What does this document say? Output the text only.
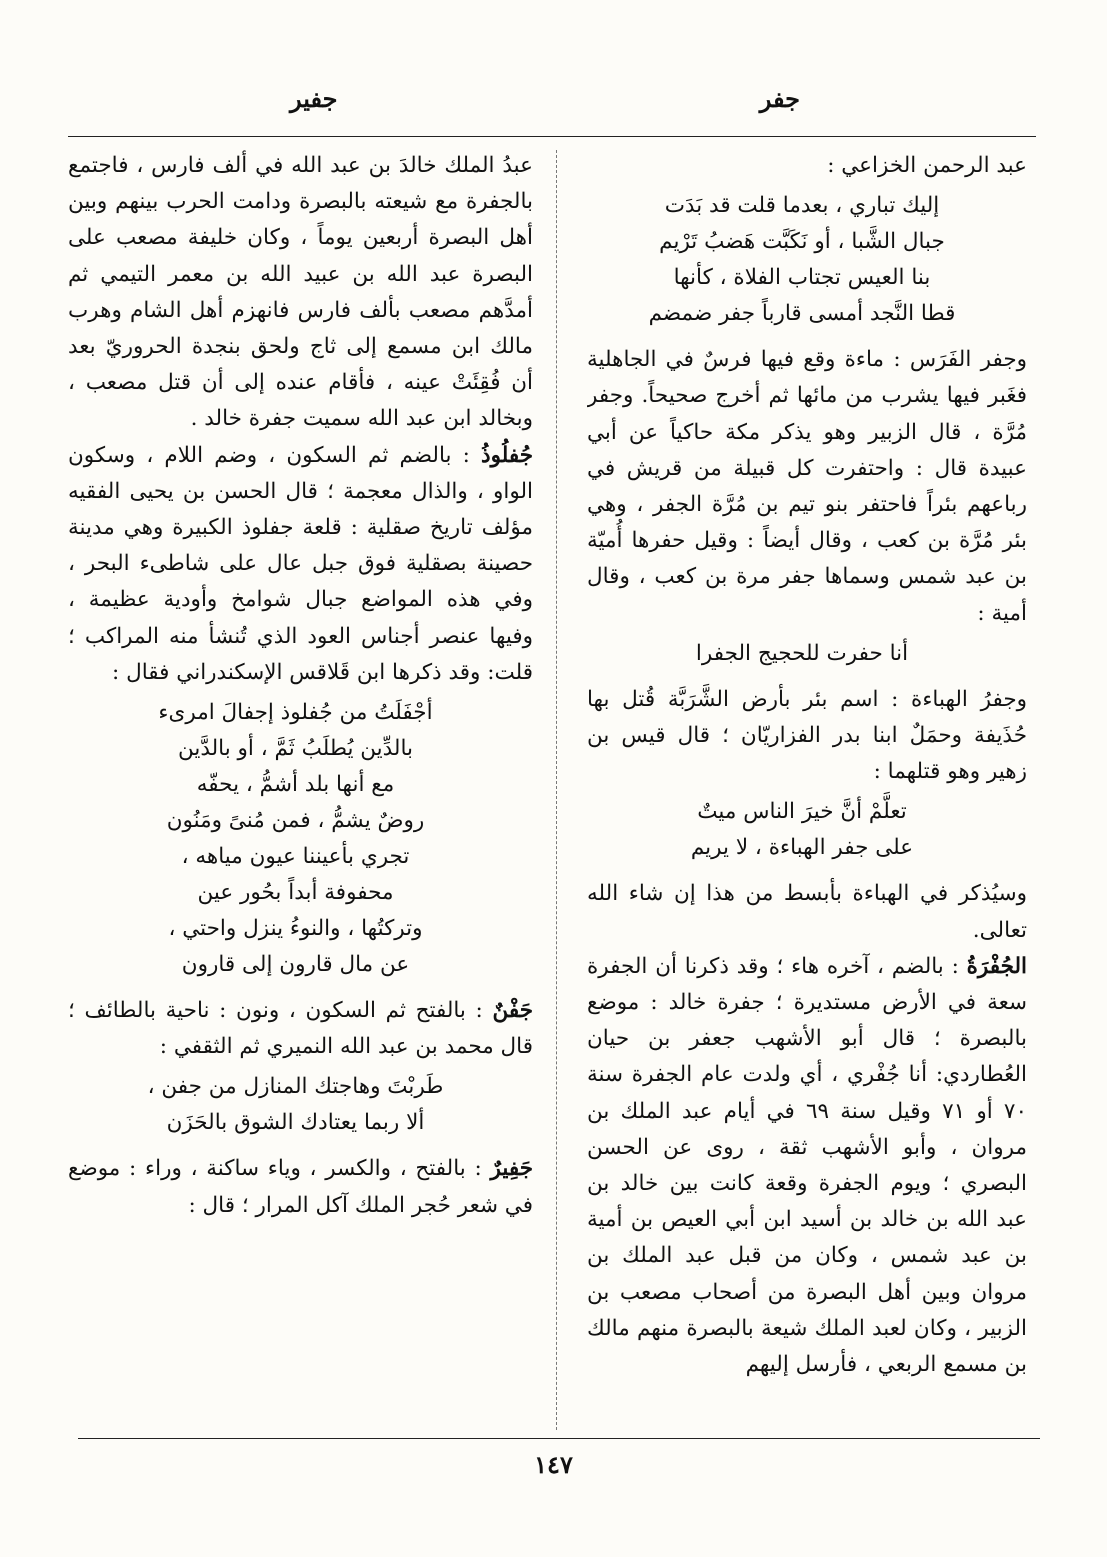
جفر
جفير

عبد الرحمن الخزاعي :

إليك تباري ، بعدما قلت قد بَدَت
جبال الشَّبا ، أو نَكَبَّت هَضبُ تَرْيم
بنا العيس تجتاب الفلاة ، كأنها
قطا النَّجد أمسى قارباً جفر ضمضم

وجفر الفَرَس : ماءة وقع فيها فرسٌ في الجاهلية فغَبر فيها يشرب من مائها ثم أخرج صحيحاً. وجفر مُرَّة ، قال الزبير وهو يذكر مكة حاكياً عن أبي عبيدة قال : واحتفرت كل قبيلة من قريش في رباعهم بئراً فاحتفر بنو تيم بن مُرَّة الجفر ، وهي بئر مُرَّة بن كعب ، وقال أيضاً : وقيل حفرها أُميّة بن عبد شمس وسماها جفر مرة بن كعب ، وقال أمية :

أنا حفرت للحجيج الجفرا

وجفرُ الهباءة : اسم بئر بأرض الشَّرَبَّة قُتل بها حُذَيفة وحمَلٌ ابنا بدر الفزاريّان ؛ قال قيس بن زهير وهو قتلهما :

تعلَّمْ أنَّ خيرَ الناس ميتٌ
على جفر الهباءة ، لا يريم

وسيُذكر في الهباءة بأبسط من هذا إن شاء الله تعالى.

الجُفْرَةُ : بالضم ، آخره هاء ؛ وقد ذكرنا أن الجفرة سعة في الأرض مستديرة ؛ جفرة خالد : موضع بالبصرة ؛ قال أبو الأشهب جعفر بن حيان العُطاردي: أنا جُفْري ، أي ولدت عام الجفرة سنة ٧٠ أو ٧١ وقيل سنة ٦٩ في أيام عبد الملك بن مروان ، وأبو الأشهب ثقة ، روى عن الحسن البصري ؛ ويوم الجفرة وقعة كانت بين خالد بن عبد الله بن خالد بن أسيد ابن أبي العيص بن أمية بن عبد شمس ، وكان من قبل عبد الملك بن مروان وبين أهل البصرة من أصحاب مصعب بن الزبير ، وكان لعبد الملك شيعة بالبصرة منهم مالك بن مسمع الربعي ، فأرسل إليهم

عبدُ الملك خالدَ بن عبد الله في ألف فارس ، فاجتمع بالجفرة مع شيعته بالبصرة ودامت الحرب بينهم وبين أهل البصرة أربعين يوماً ، وكان خليفة مصعب على البصرة عبد الله بن عبيد الله بن معمر التيمي ثم أمدَّهم مصعب بألف فارس فانهزم أهل الشام وهرب مالك ابن مسمع إلى ثاج ولحق بنجدة الحروريّ بعد أن فُقِئَتْ عينه ، فأقام عنده إلى أن قتل مصعب ، وبخالد ابن عبد الله سميت جفرة خالد .

جُفلُوذُ : بالضم ثم السكون ، وضم اللام ، وسكون الواو ، والذال معجمة ؛ قال الحسن بن يحيى الفقيه مؤلف تاريخ صقلية : قلعة جفلوذ الكبيرة وهي مدينة حصينة بصقلية فوق جبل عال على شاطىء البحر ، وفي هذه المواضع جبال شوامخ وأودية عظيمة ، وفيها عنصر أجناس العود الذي تُنشأ منه المراكب ؛ قلت: وقد ذكرها ابن قَلاقس الإسكندراني فقال :

أجْفَلَتُ من جُفلوذ إجفالَ امرىء
بالدِّين يُطلَبُ ثَمَّ ، أو بالدَّين
مع أنها بلد أشمُّ ، يحفّه
روضٌ يشمُّ ، فمن مُنىً ومَنُون
تجري بأعيننا عيون مياهه ،
محفوفة أبداً بحُور عين
وتركتُها ، والنوءُ ينزل واحتي ،
عن مال قارون إلى قارون

جَفْنٌ : بالفتح ثم السكون ، ونون : ناحية بالطائف ؛ قال محمد بن عبد الله النميري ثم الثقفي :

طَربْتَ وهاجتك المنازل من جفن ،
ألا ربما يعتادك الشوق بالحَزَن

جَفِيرٌ : بالفتح ، والكسر ، وياء ساكنة ، وراء : موضع في شعر حُجر الملك آكل المرار ؛ قال :

١٤٧
